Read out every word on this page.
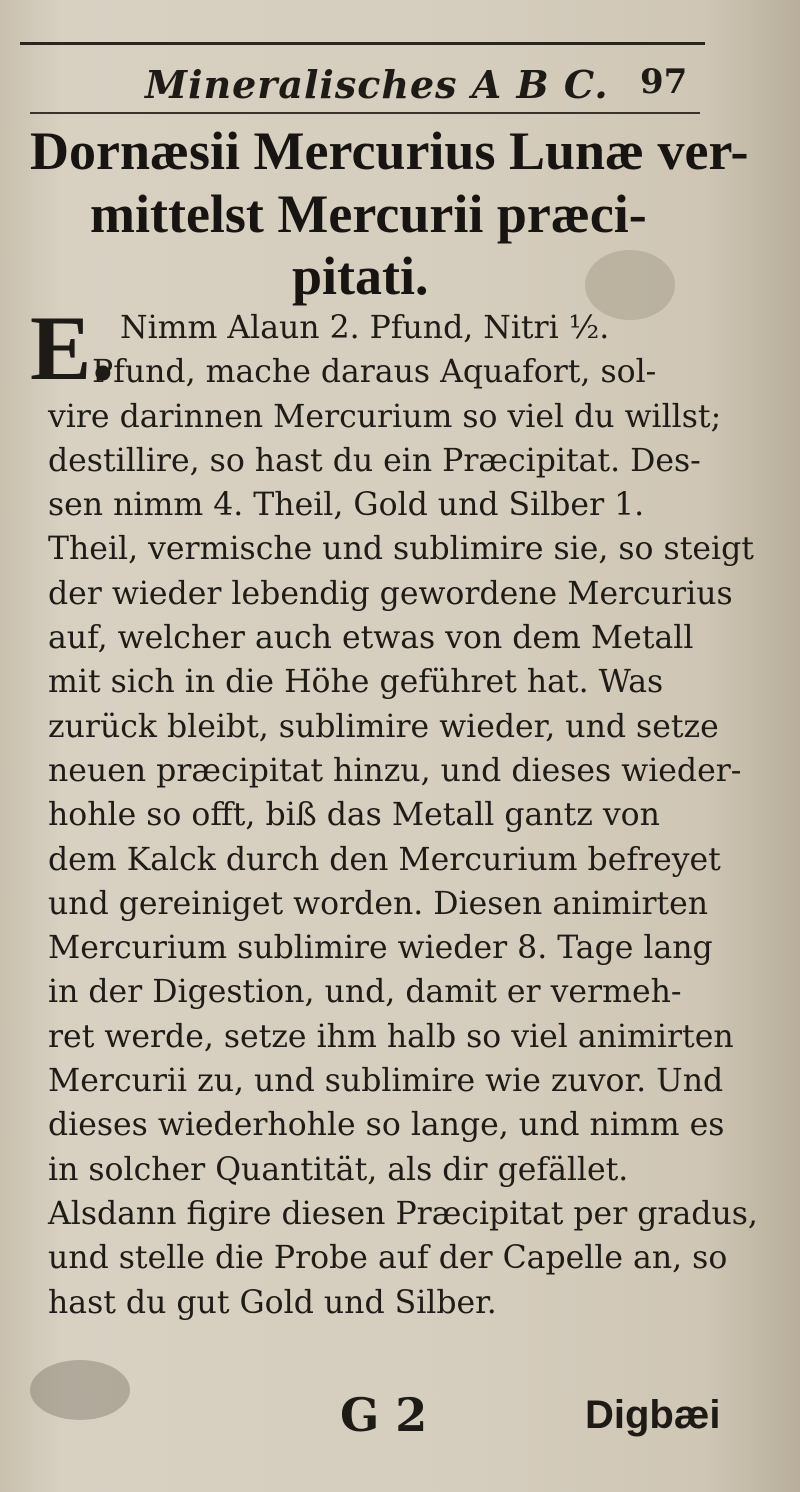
Mineralisches A B C. 97
Dornæsii Mercurius Lunæ ver-
mittelst Mercurii præci-
pitati.
E. Nimm Alaun 2. Pfund, Nitri ½.
Pfund, mache daraus Aquafort, sol-
vire darinnen Mercurium so viel du willst;
destillire, so hast du ein Præcipitat. Des-
sen nimm 4. Theil, Gold und Silber 1.
Theil, vermische und sublimire sie, so steigt
der wieder lebendig gewordene Mercurius
auf, welcher auch etwas von dem Metall
mit sich in die Höhe geführet hat. Was
zurück bleibt, sublimire wieder, und setze
neuen præcipitat hinzu, und dieses wieder-
hohle so offt, biß das Metall gantz von
dem Kalck durch den Mercurium befreyet
und gereiniget worden. Diesen animirten
Mercurium sublimire wieder 8. Tage lang
in der Digestion, und, damit er vermeh-
ret werde, setze ihm halb so viel animirten
Mercurii zu, und sublimire wie zuvor. Und
dieses wiederhohle so lange, und nimm es
in solcher Quantität, als dir gefället.
Alsdann figire diesen Præcipitat per gradus,
und stelle die Probe auf der Capelle an, so
hast du gut Gold und Silber.
G 2	Digbæi
